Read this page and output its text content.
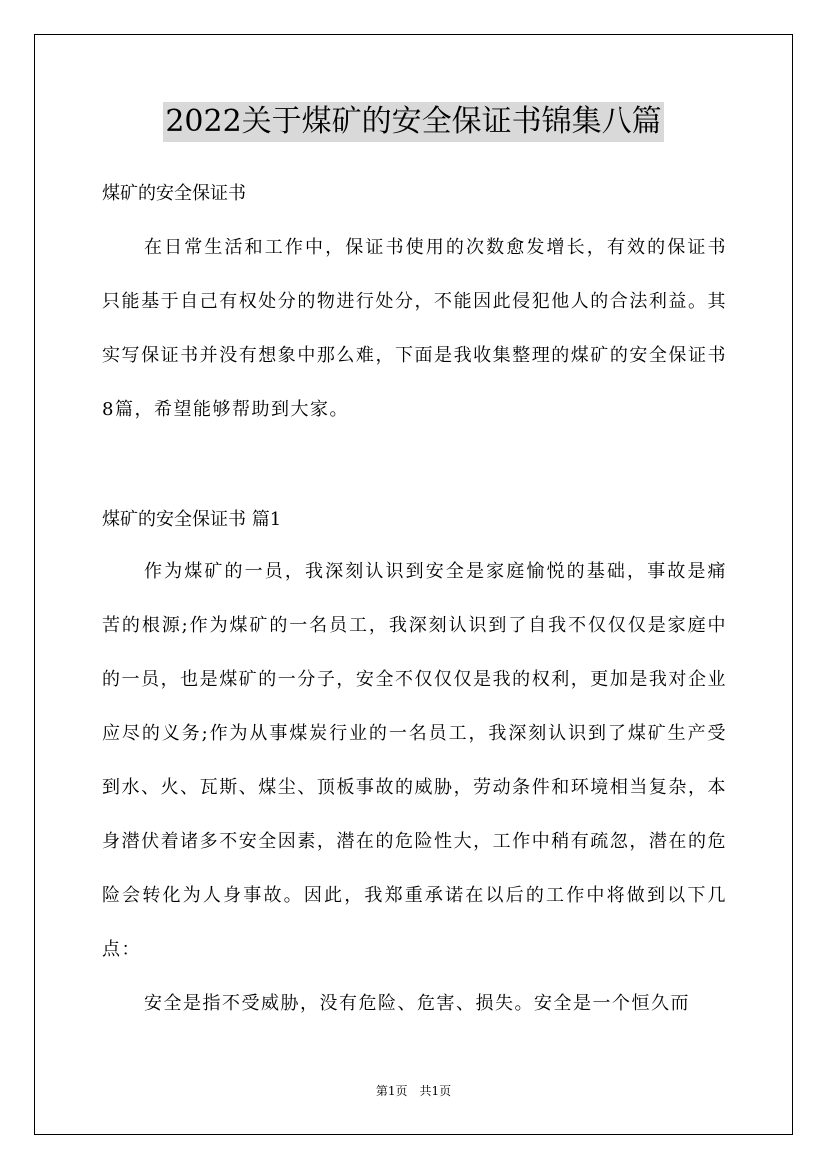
2022关于煤矿的安全保证书锦集八篇
煤矿的安全保证书
在日常生活和工作中，保证书使用的次数愈发增长，有效的保证书只能基于自己有权处分的物进行处分，不能因此侵犯他人的合法利益。其实写保证书并没有想象中那么难，下面是我收集整理的煤矿的安全保证书8篇，希望能够帮助到大家。
煤矿的安全保证书 篇1
作为煤矿的一员，我深刻认识到安全是家庭愉悦的基础，事故是痛苦的根源;作为煤矿的一名员工，我深刻认识到了自我不仅仅仅是家庭中的一员，也是煤矿的一分子，安全不仅仅仅是我的权利，更加是我对企业应尽的义务;作为从事煤炭行业的一名员工，我深刻认识到了煤矿生产受到水、火、瓦斯、煤尘、顶板事故的威胁，劳动条件和环境相当复杂，本身潜伏着诸多不安全因素，潜在的危险性大，工作中稍有疏忽，潜在的危险会转化为人身事故。因此，我郑重承诺在以后的工作中将做到以下几点：
安全是指不受威胁，没有危险、危害、损失。安全是一个恒久而
第1页　共1页
